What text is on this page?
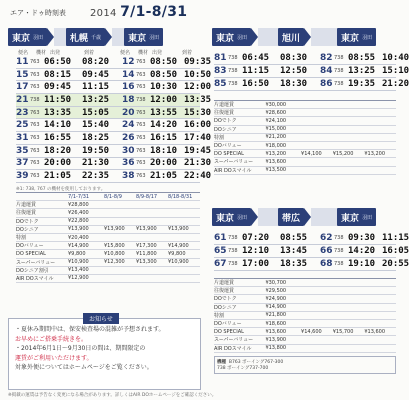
エア・ドゥ時刻表 2014 7/1-8/31
東京 羽田	札幌 千歳	東京 羽田
便名	機材 出発	到着	便名	機材 出発	到着
11 763 06:50	08:20	12 763 08:50 09:35
15 763 08:15	09:45	14 763 08:50 10:50
17 763 09:45	11:15	16 763 10:30 12:00
21 738 11:50	13:25	18 738 12:00 13:35
23 763 13:35	15:05	20 763 13:55 15:30
25 763 14:10	15:40	24 763 14:20 16:00
31 763 16:55	18:25	26 763 16:15 17:40
35 763 18:20	19:50	30 763 18:10 19:45
37 763 20:00	21:30	36 763 20:00 21:30
39 763 21:05	22:35	38 763 21:05 22:40
※1: 738, 767 の機材を使用しております。
7/1-7/31	8/1-8/9	8/9-8/17	8/18-8/31
片道運賃	¥28,800
往復運賃	¥26,400
DOでトク	¥22,800
DOシニア	¥13,900	¥13,900	¥13,900	¥13,900
特割	¥20,400
DOバリュー	¥14,900	¥15,800	¥17,300	¥14,900
DO SPECIAL	¥9,800	¥10,800	¥11,800	¥9,800
スーパーバリュー	¥10,900	¥12,300	¥13,300	¥10,900
DOシニア割引	¥13,400
AIR DOスマイル	¥12,900
お知らせ

・夏休み期間中は、保安検査場の混雑が予想されます。

お早めにご搭乗手続きを。

・2014年6月1日〜9月30日の間は、期間限定の

運賃がご利用いただけます。

対象外便についてはホームページをご覧ください。

東京 羽田	旭川	東京 羽田
81 738 06:45	08:30	82 738 08:55 10:40
83 738 11:15	12:50	84 738 13:25 15:10
85 738 16:50	18:30	86 738 19:35 21:20
片道運賃	¥30,000
往復運賃	¥28,600
DOでトク	¥24,100
DOシニア	¥15,000
特割	¥21,200
DOバリュー	¥18,000
DO SPECIAL	¥13,200	¥14,100	¥15,200	¥13,200
スーパーバリュー	¥13,600
AIR DOスマイル	¥13,500
東京 羽田	帯広	東京 羽田
61 738 07:20	08:55	62 738 09:30 11:15
65 738 12:10	13:45	66 738 14:20 16:05
67 738 17:00	18:35	68 738 19:10 20:55
片道運賃	¥30,700
往復運賃	¥29,500
DOでトク	¥24,900
DOシニア	¥14,900
特割	¥21,800
DOバリュー	¥18,600
DO SPECIAL	¥13,600	¥14,600	¥15,700	¥13,600
スーパーバリュー	¥13,900
AIR DOスマイル	¥13,800
機種 B763 ボーイング767-300
738 ボーイング737-700
※掲載の運賃は予告なく変更になる場合があります。詳しくはAIR DOホームページをご確認ください。
